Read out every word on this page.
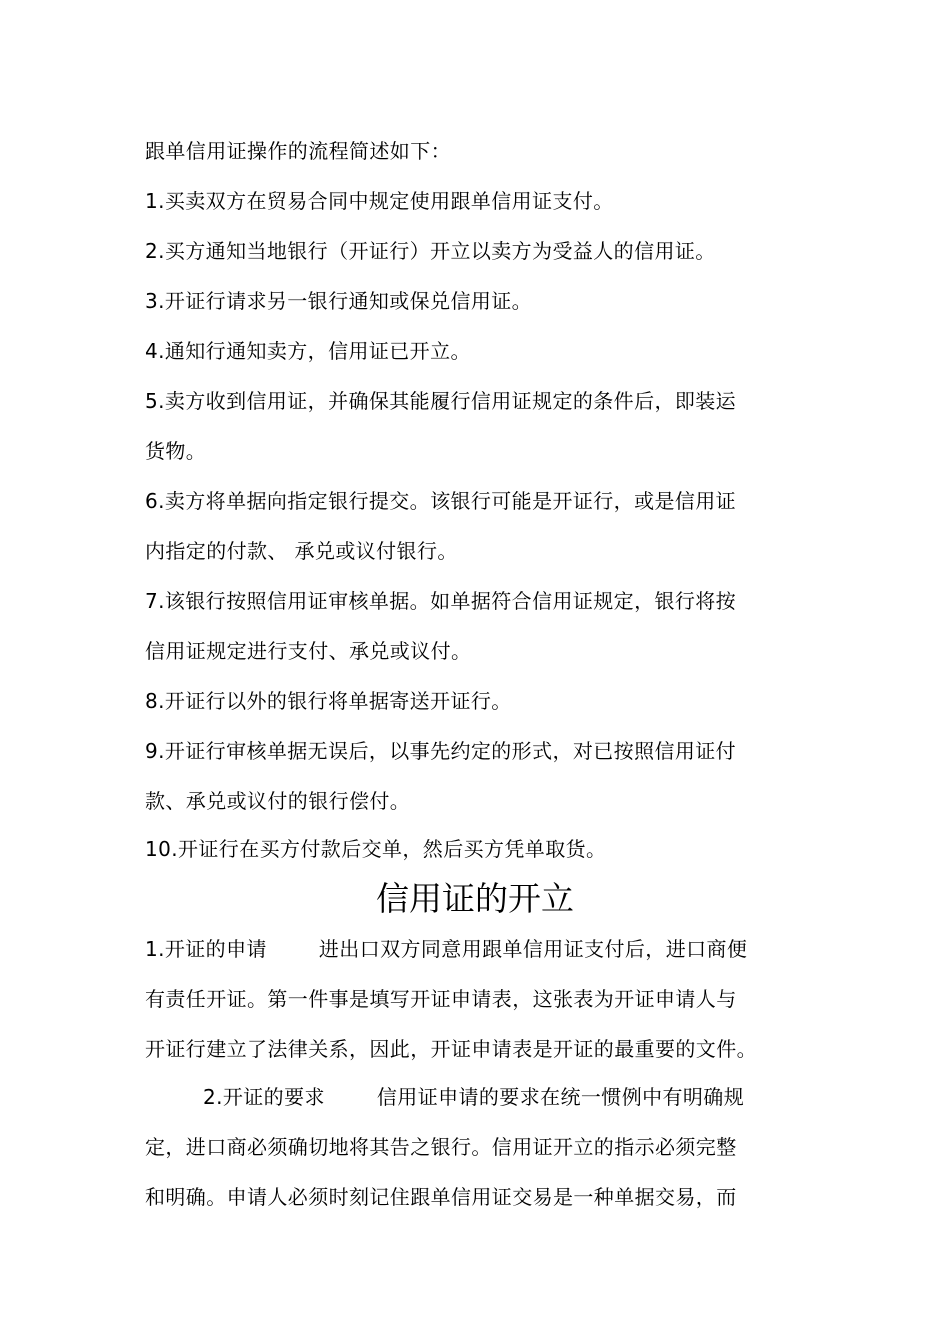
跟单信用证操作的流程简述如下：
1.买卖双方在贸易合同中规定使用跟单信用证支付。
2.买方通知当地银行（开证行）开立以卖方为受益人的信用证。
3.开证行请求另一银行通知或保兑信用证。
4.通知行通知卖方，信用证已开立。
5.卖方收到信用证，并确保其能履行信用证规定的条件后，即装运
货物。
6.卖方将单据向指定银行提交。该银行可能是开证行，或是信用证
内指定的付款、 承兑或议付银行。
7.该银行按照信用证审核单据。如单据符合信用证规定，银行将按
信用证规定进行支付、承兑或议付。
8.开证行以外的银行将单据寄送开证行。
9.开证行审核单据无误后，以事先约定的形式，对已按照信用证付
款、承兑或议付的银行偿付。
10.开证行在买方付款后交单，然后买方凭单取货。
信用证的开立
1.开证的申请	进出口双方同意用跟单信用证支付后，进口商便
有责任开证。第一件事是填写开证申请表，这张表为开证申请人与
开证行建立了法律关系，因此，开证申请表是开证的最重要的文件。
2.开证的要求	信用证申请的要求在统一惯例中有明确规
定，进口商必须确切地将其告之银行。信用证开立的指示必须完整
和明确。申请人必须时刻记住跟单信用证交易是一种单据交易，而
